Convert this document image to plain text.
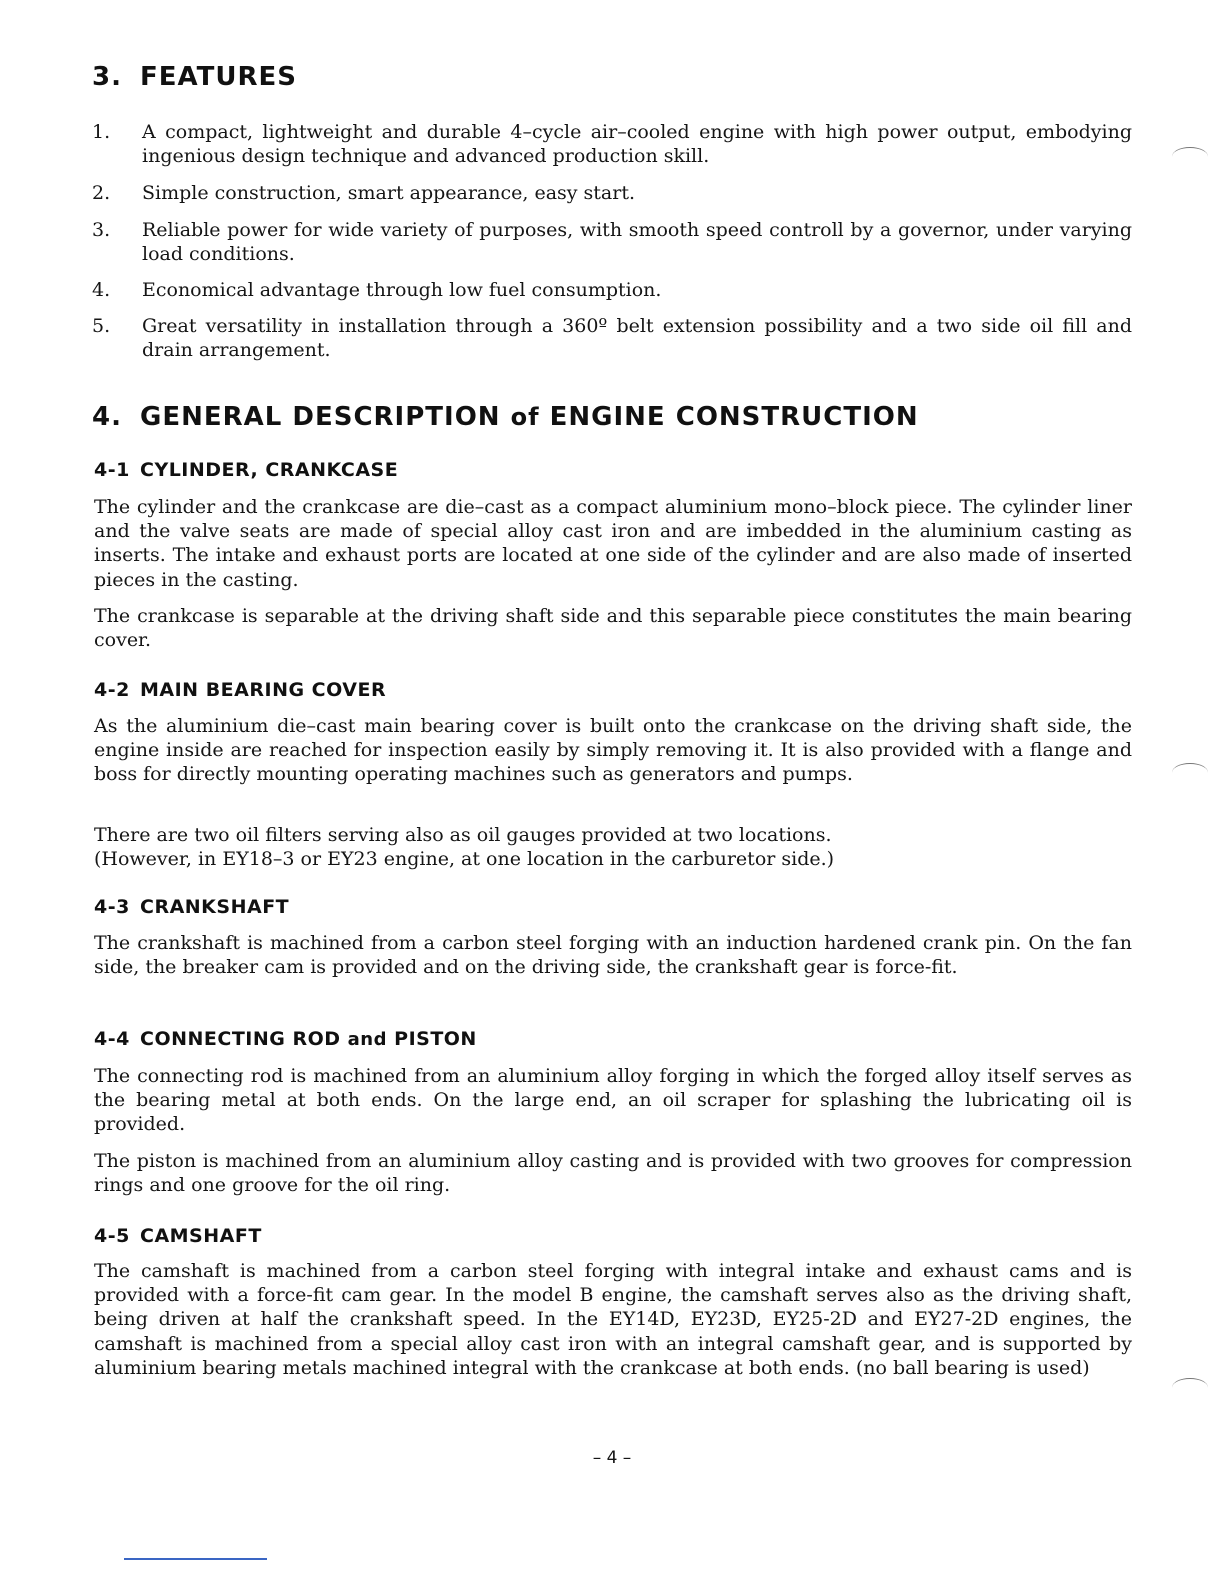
3. FEATURES
1. A compact, lightweight and durable 4–cycle air–cooled engine with high power output, embodying ingenious design technique and advanced production skill.
2. Simple construction, smart appearance, easy start.
3. Reliable power for wide variety of purposes, with smooth speed controll by a governor, under varying load conditions.
4. Economical advantage through low fuel consumption.
5. Great versatility in installation through a 360º belt extension possibility and a two side oil fill and drain arrangement.
4. GENERAL DESCRIPTION of ENGINE CONSTRUCTION
4-1 CYLINDER, CRANKCASE
The cylinder and the crankcase are die–cast as a compact aluminium mono–block piece. The cylinder liner and the valve seats are made of special alloy cast iron and are imbedded in the aluminium casting as inserts. The intake and exhaust ports are located at one side of the cylinder and are also made of inserted pieces in the casting.
The crankcase is separable at the driving shaft side and this separable piece constitutes the main bearing cover.
4-2 MAIN BEARING COVER
As the aluminium die–cast main bearing cover is built onto the crankcase on the driving shaft side, the engine inside are reached for inspection easily by simply removing it. It is also provided with a flange and boss for directly mounting operating machines such as generators and pumps.
There are two oil filters serving also as oil gauges provided at two locations.
(However, in EY18–3 or EY23 engine, at one location in the carburetor side.)
4-3 CRANKSHAFT
The crankshaft is machined from a carbon steel forging with an induction hardened crank pin. On the fan side, the breaker cam is provided and on the driving side, the crankshaft gear is force-fit.
4-4 CONNECTING ROD and PISTON
The connecting rod is machined from an aluminium alloy forging in which the forged alloy itself serves as the bearing metal at both ends. On the large end, an oil scraper for splashing the lubricating oil is provided.
The piston is machined from an aluminium alloy casting and is provided with two grooves for compression rings and one groove for the oil ring.
4-5 CAMSHAFT
The camshaft is machined from a carbon steel forging with integral intake and exhaust cams and is provided with a force-fit cam gear. In the model B engine, the camshaft serves also as the driving shaft, being driven at half the crankshaft speed. In the EY14D, EY23D, EY25-2D and EY27-2D engines, the camshaft is machined from a special alloy cast iron with an integral camshaft gear, and is supported by aluminium bearing metals machined integral with the crankcase at both ends. (no ball bearing is used)
– 4 –
